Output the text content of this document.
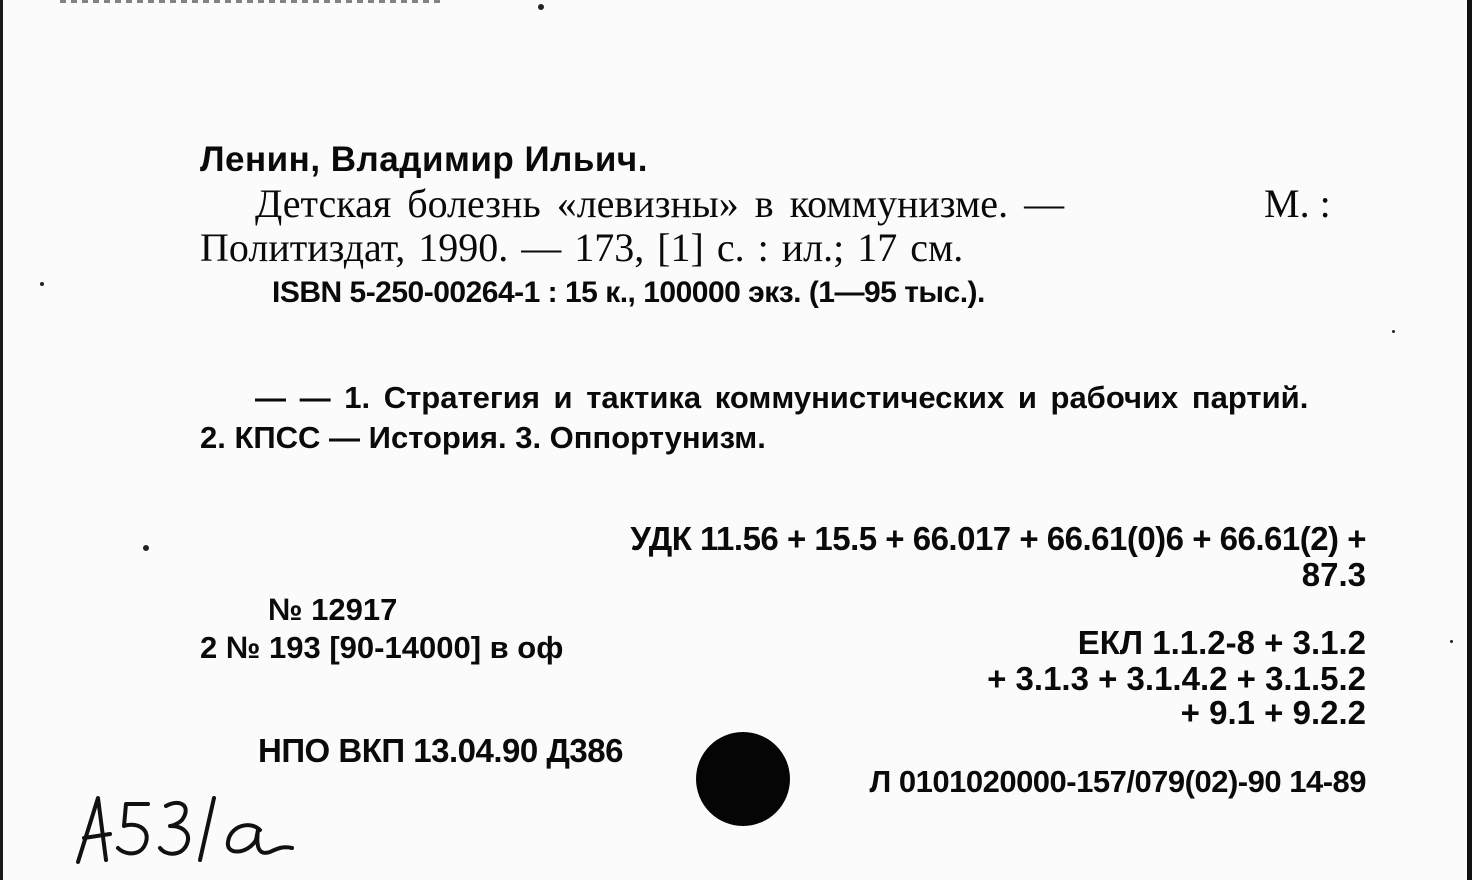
Ленин, Владимир Ильич.
Детская болезнь «левизны» в коммунизме. —	М. :
Политиздат, 1990. — 173, [1] с. : ил.; 17 см.
ISBN 5-250-00264-1 : 15 к., 100000 экз. (1—95 тыс.).
— — 1. Стратегия и тактика коммунистических и рабочих партий.
2. КПСС — История. 3. Оппортунизм.
УДК 11.56 + 15.5 + 66.017 + 66.61(0)6 + 66.61(2) +
87.3
№ 12917
2 № 193 [90-14000] в оф	ЕКЛ 1.1.2-8 + 3.1.2
+ 3.1.3 + 3.1.4.2 + 3.1.5.2
+ 9.1 + 9.2.2
НПО ВКП 13.04.90 Д386
Л 0101020000-157/079(02)-90 14-89
